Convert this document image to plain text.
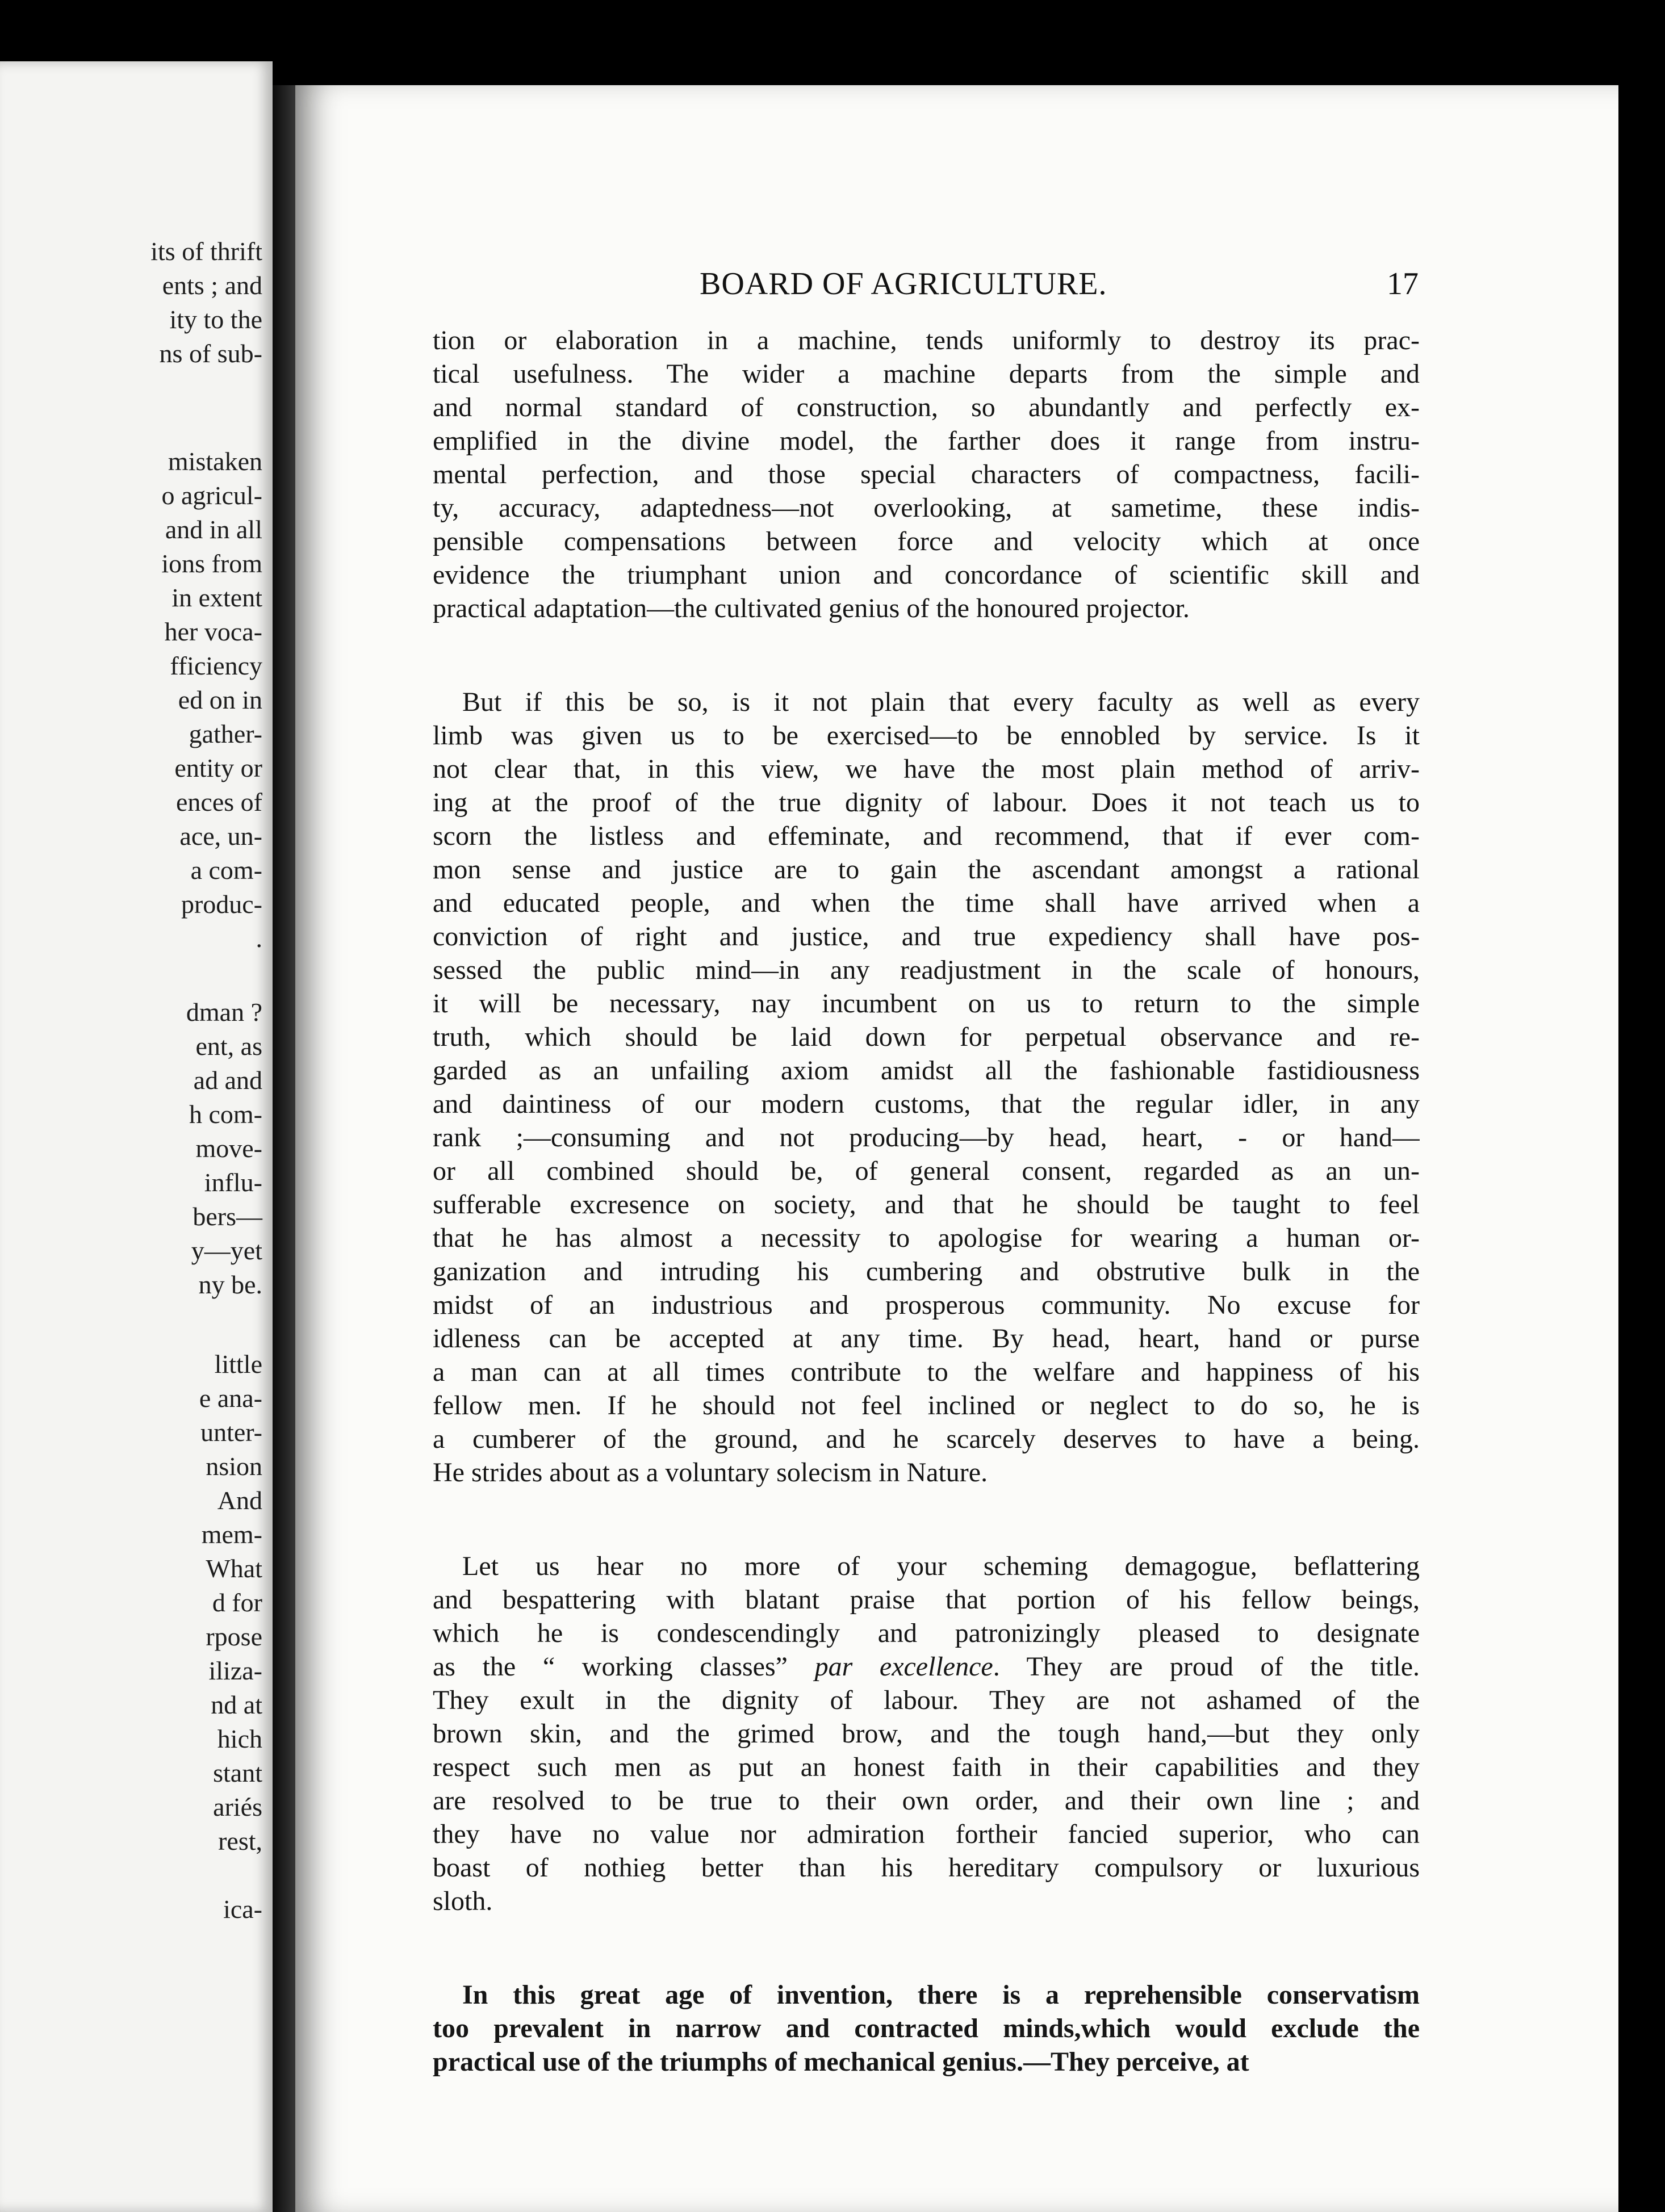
its of thrift
ents ; and
ity to the
ns of sub-
mistaken
o agricul-
and in all
ions from
in extent
her voca-
fficiency
ed on in
gather-
entity or
ences of
ace, un-
a com-
produc-
.
dman ?
ent, as
ad and
h com-
move-
influ-
bers—
y—yet
ny be.
little
e ana-
unter-
nsion
And
mem-
What
d for
rpose
iliza-
nd at
hich
stant
ariés
rest,
ica-
BOARD OF AGRICULTURE.	17
tion or elaboration in a machine, tends uniformly to destroy its prac-
tical usefulness. The wider a machine departs from the simple and
and normal standard of construction, so abundantly and perfectly ex-
emplified in the divine model, the farther does it range from instru-
mental perfection, and those special characters of compactness, facili-
ty, accuracy, adaptedness—not overlooking, at sametime, these indis-
pensible compensations between force and velocity which at once
evidence the triumphant union and concordance of scientific skill and
practical adaptation—the cultivated genius of the honoured projector.
But if this be so, is it not plain that every faculty as well as every
limb was given us to be exercised—to be ennobled by service. Is it
not clear that, in this view, we have the most plain method of arriv-
ing at the proof of the true dignity of labour. Does it not teach us to
scorn the listless and effeminate, and recommend, that if ever com-
mon sense and justice are to gain the ascendant amongst a rational
and educated people, and when the time shall have arrived when a
conviction of right and justice, and true expediency shall have pos-
sessed the public mind—in any readjustment in the scale of honours,
it will be necessary, nay incumbent on us to return to the simple
truth, which should be laid down for perpetual observance and re-
garded as an unfailing axiom amidst all the fashionable fastidiousness
and daintiness of our modern customs, that the regular idler, in any
rank ;—consuming and not producing—by head, heart, - or hand—
or all combined should be, of general consent, regarded as an un-
sufferable excresence on society, and that he should be taught to feel
that he has almost a necessity to apologise for wearing a human or-
ganization and intruding his cumbering and obstrutive bulk in the
midst of an industrious and prosperous community. No excuse for
idleness can be accepted at any time. By head, heart, hand or purse
a man can at all times contribute to the welfare and happiness of his
fellow men. If he should not feel inclined or neglect to do so, he is
a cumberer of the ground, and he scarcely deserves to have a being.
He strides about as a voluntary solecism in Nature.
Let us hear no more of your scheming demagogue, beflattering
and bespattering with blatant praise that portion of his fellow beings,
which he is condescendingly and patronizingly pleased to designate
as the “ working classes” par excellence. They are proud of the title.
They exult in the dignity of labour. They are not ashamed of the
brown skin, and the grimed brow, and the tough hand,—but they only
respect such men as put an honest faith in their capabilities and they
are resolved to be true to their own order, and their own line ; and
they have no value nor admiration fortheir fancied superior, who can
boast of nothieg better than his hereditary compulsory or luxurious
sloth.
In this great age of invention, there is a reprehensible conservatism
too prevalent in narrow and contracted minds,which would exclude the
practical use of the triumphs of mechanical genius.—They perceive, at
